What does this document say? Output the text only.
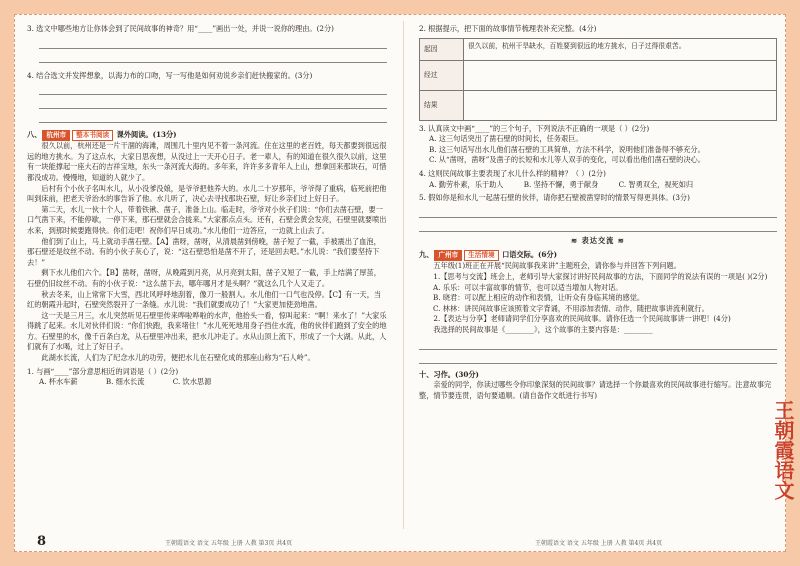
3. 选文中哪些地方让你体会到了民间故事的神奇？用“____”画出一处，并说一说你的理由。(2分)

4. 结合选文并发挥想象，以海力布的口吻，写一写他是如何劝说乡亲们赶快搬家的。(3分)

八、 杭州市 整本书阅读 课外阅读。(13分)

很久以前，杭州还是一片干涸的海滩，周围几十里内见不着一条河流。住在这里的老百姓，每天都要到很远很远的地方挑水。为了这点水，大家日思夜想，从没过上一天开心日子。老一辈人，有的知道在很久很久以前，这里有一块能撑起一座大石的吉祥宝地，东头一条河流大海的。多年来，许许多多青年人上山，想拿回来那块石，可惜都没成功。慢慢地，知道的人就少了。

后村有个小伙子名叫水儿，从小没爹没娘，是爷爷把他养大的。水儿二十岁那年，爷爷得了重病，临死前把他叫到床前，把老天爷治水的事告诉了他。水儿听了，决心去寻找那块石壁，好让乡亲们过上好日子。

第二天，水儿一伙十个人，带着铁锹、凿子，准备上山。临走时，爷爷对小伙子们说：“你们去凿石壁，要一口气凿下来，不能停歇，一停下来，那石壁就会合拢来。”大家都点点头。还有，石壁会黄会发亮，石壁里就要喷出水来，到那时候要跑得快。你们走吧！祝你们早日成功。”水儿他们一边答应，一边就上山去了。

他们到了山上，马上就动手凿石壁。【A】凿呀，凿呀，从清晨凿到傍晚，凿子短了一截，手被震出了血泡，那石壁还是纹丝不动。有的小伙子灰心了，说：“这石壁恐怕是凿不开了，还是回去吧。”水儿说：“我们要坚持下去！”

剩下水儿他们六个。【B】凿呀，凿呀，从晚霞到月亮，从月亮到太阳，凿子又短了一截，手上结满了厚茧，石壁仍旧纹丝不动。有的小伙子说：“这么凿下去，哪年哪月才是头啊？”就这么几个人又走了。

秋去冬来，山上常常下大雪，西北风呼呼地刮着，像刀一般割人。水儿他们一口气也没停。【C】有一天，当红的朝霞升起时，石壁突然裂开了一条缝。水儿说：“我们就要成功了！”大家更加使劲地凿。

这一天是三月三，水儿突然听见石壁里传来哗啦哗啦的水声，他抬头一看，惊叫起来：“啊！来水了！”大家乐得跳了起来。水儿对伙伴们说：“你们快跑，我来堵住！”水儿死死地用身子挡住水流，他的伙伴们跑到了安全的地方。石壁里的水，像千百条白龙，从石壁里冲出来，把水儿冲走了。水从山顶上流下，形成了一个大湖。从此，人们就有了水喝，过上了好日子。

此湖水长流，人们为了纪念水儿的功劳，便把水儿在石壁化成的那座山称为“石人岭”。

1. 与画“____”部分意思相近的词语是（ ）(2分)

A. 杯水车薪	B. 细水长流	C. 饮水思源

2. 根据提示，把下面的故事情节梳理表补充完整。(4分)

起因	很久以前，杭州干旱缺水，百姓要到很远的地方挑水，日子过得很艰苦。
经过	
结果	

3. 认真读文中画“____”的三个句子，下列说法不正确的一项是（ ）(2分)

A. 这三句话突出了凿石壁的时间长，任务艰巨。

B. 这三句话写出水儿他们凿石壁的工具简单，方法不科学，说明他们准备得不够充分。

C. 从“凿呀，凿呀”及凿子的长短和水儿等人双手的变化，可以看出他们凿石壁的决心。

4. 这则民间故事主要表现了水儿什么样的精神？（ ）(2分)

A. 勤劳朴素，乐于助人	B. 坚持不懈，勇于献身	C. 智勇双全，视死如归

5. 假如你是和水儿一起凿石壁的伙伴，请你把石壁被凿穿时的情景写得更具体。(3分)

≋ 表达交流 ≋

九、 广州市 生活情境 口语交际。(6分)

五年级(1)班正在开展“民间故事我来讲”主题班会，请你参与并回答下列问题。

1.【思考与交流】班会上，老师引导大家探讨讲好民间故事的方法，下面同学的说法有误的一项是( )(2分)

A. 乐乐：可以丰富故事的情节，也可以适当增加人物对话。

B. 晓君：可以配上相应的动作和表情，让听众有身临其境的感觉。

C. 林林：讲民间故事应该照着文字背诵，不用添加表情、动作，随把故事讲流利就行。

2.【表达与分享】老师请同学们分享喜欢的民间故事。请你任选一个民间故事讲一讲吧！(4分)

我选择的民间故事是《________》，这个故事的主要内容是：________

十、习作。(30分)

亲爱的同学，你读过哪些令你印象深刻的民间故事？请选择一个你最喜欢的民间故事进行缩写。注意故事完整，情节要连贯，语句要通顺。(请自备作文纸进行书写)

8	王朝霞语文 语文 五年级 上册 人教 第3页 共4页	王朝霞语文 语文 五年级 上册 人教 第4页 共4页
王朝霞语文
